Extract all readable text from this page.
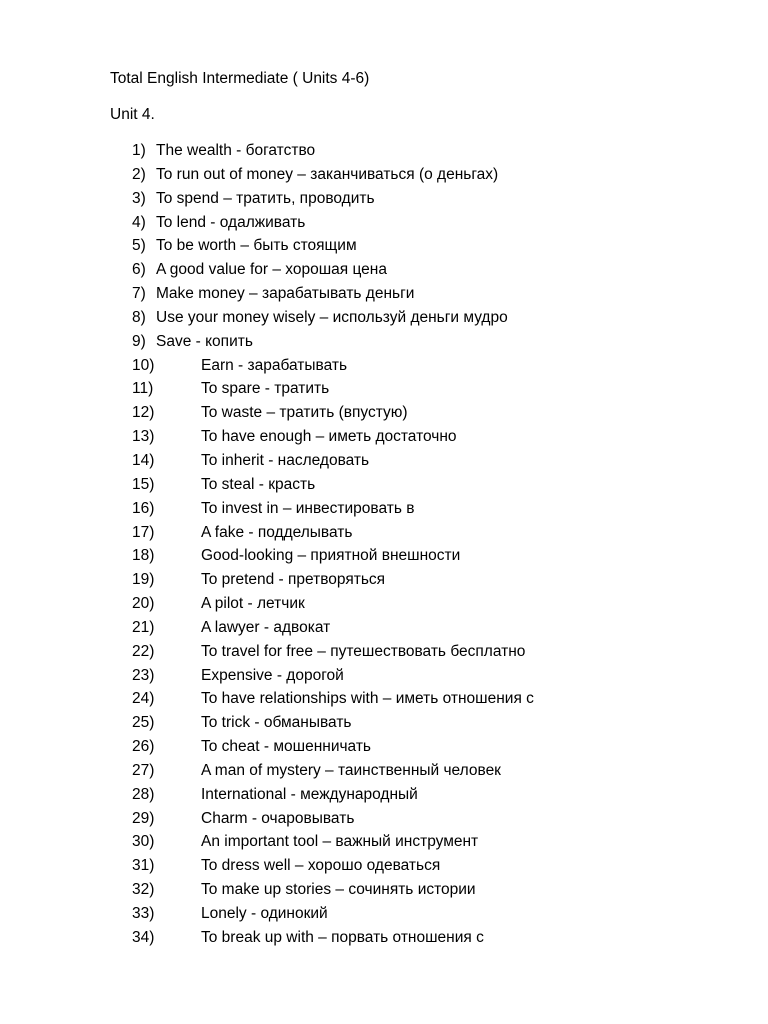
Total English Intermediate ( Units 4-6)
Unit 4.
1) The wealth - богатство
2) To run out of money – заканчиваться (о деньгах)
3) To spend – тратить, проводить
4) To lend - одалживать
5) To be worth – быть стоящим
6) A good value for – хорошая цена
7) Make money – зарабатывать деньги
8) Use your money wisely – используй деньги мудро
9) Save - копить
10)	Earn - зарабатывать
11)	To spare - тратить
12)	To waste – тратить (впустую)
13)	To have enough – иметь достаточно
14)	To inherit - наследовать
15)	To steal - красть
16)	To invest in – инвестировать в
17)	A fake - подделывать
18)	Good-looking – приятной внешности
19)	To pretend - претворяться
20)	A pilot - летчик
21)	A lawyer - адвокат
22)	To travel for free – путешествовать бесплатно
23)	Expensive - дорогой
24)	To have relationships with – иметь отношения с
25)	To trick - обманывать
26)	To cheat - мошенничать
27)	A man of mystery – таинственный человек
28)	International - международный
29)	Charm - очаровывать
30)	An important tool – важный инструмент
31)	To dress well – хорошо одеваться
32)	To make up stories – сочинять истории
33)	Lonely - одинокий
34)	To break up with – порвать отношения с
